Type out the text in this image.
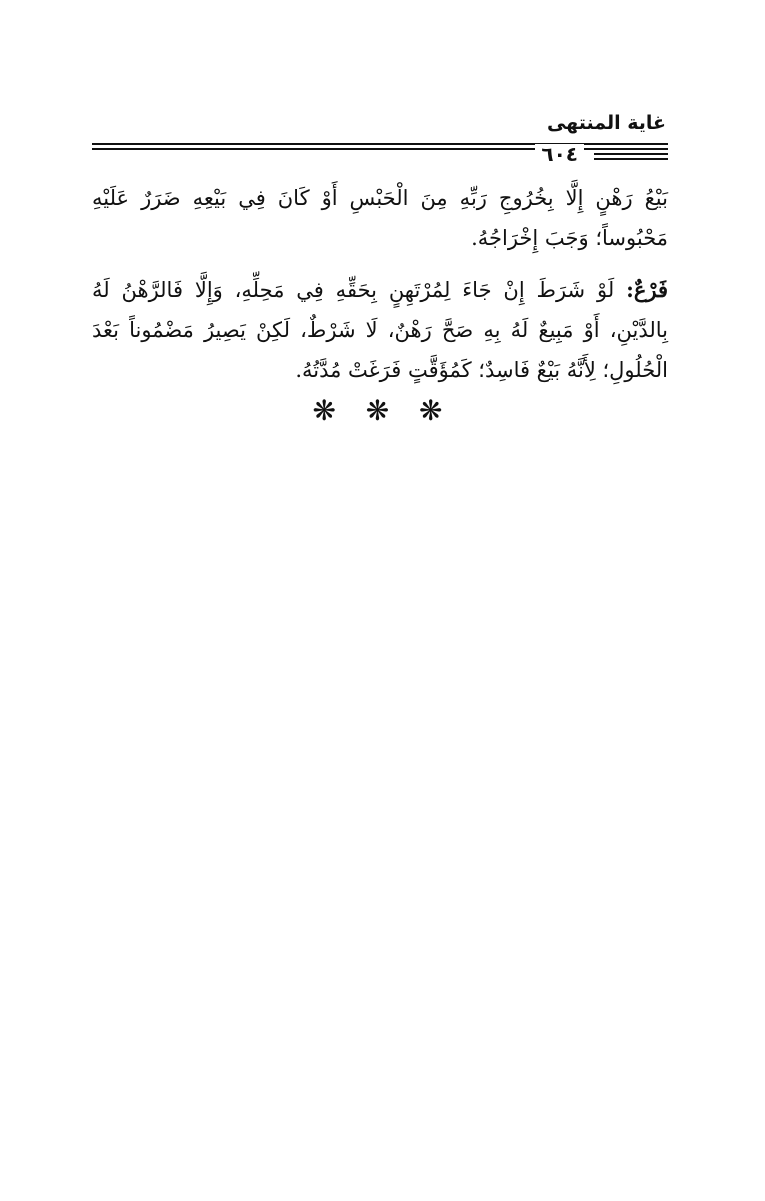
غاية المنتهى
٦٠٤

بَيْعُ رَهْنٍ إِلَّا بِخُرُوجِ رَبِّهِ مِنَ الْحَبْسِ أَوْ كَانَ فِي بَيْعِهِ ضَرَرٌ عَلَيْهِ مَحْبُوساً؛ وَجَبَ إِخْرَاجُهُ.

فَرْعٌ: لَوْ شَرَطَ إِنْ جَاءَ لِمُرْتَهِنٍ بِحَقِّهِ فِي مَحِلِّهِ، وَإِلَّا فَالرَّهْنُ لَهُ بِالدَّيْنِ، أَوْ مَبِيعٌ لَهُ بِهِ صَحَّ رَهْنٌ، لَا شَرْطٌ، لَكِنْ يَصِيرُ مَضْمُوناً بَعْدَ الْحُلُولِ؛ لِأَنَّهُ بَيْعٌ فَاسِدٌ؛ كَمُؤَقَّتٍ فَرَغَتْ مُدَّتُهُ.

❋ ❋ ❋
